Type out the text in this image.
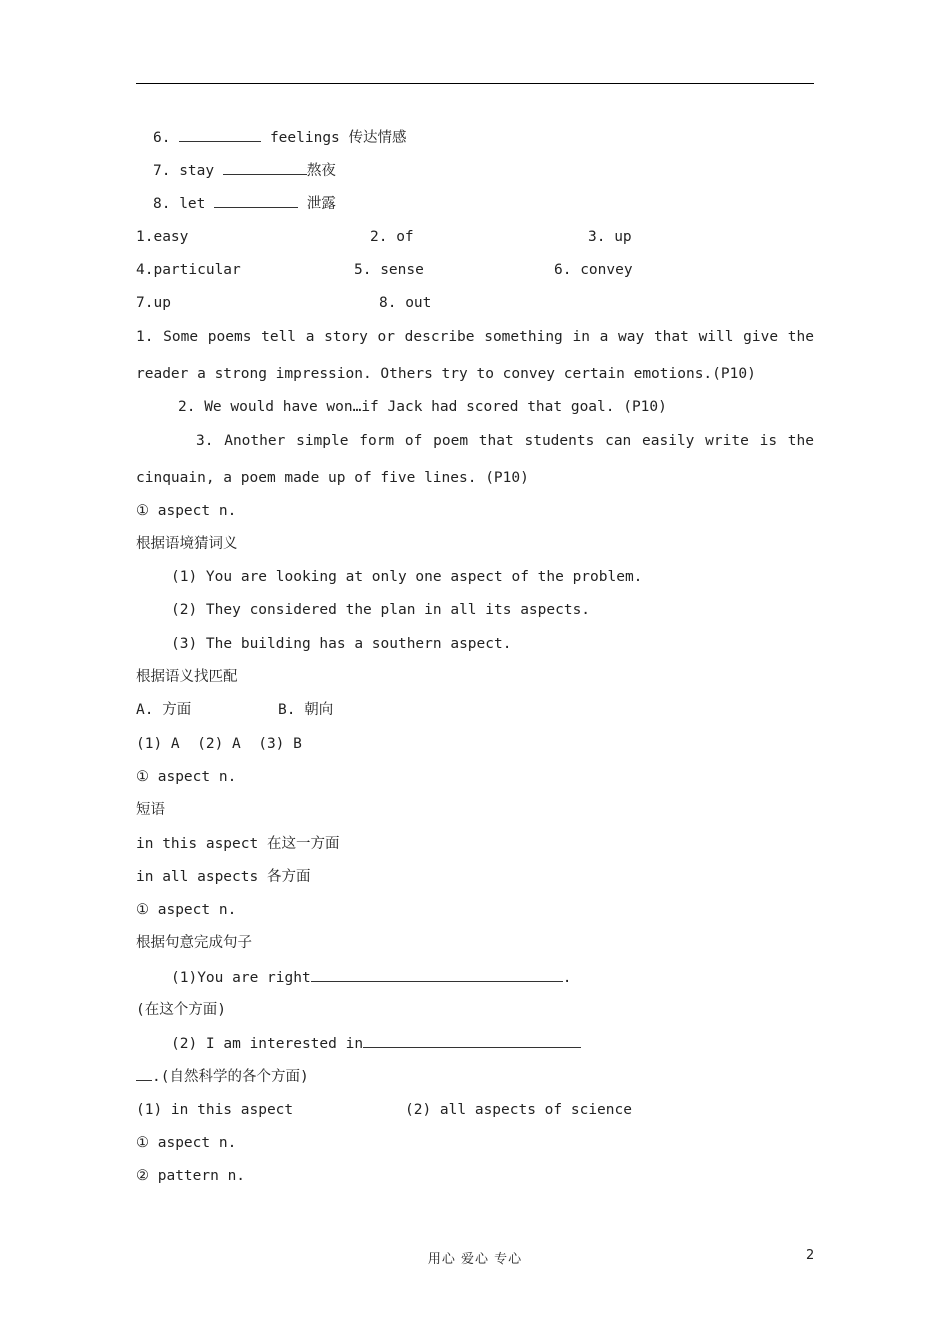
6.	feelings 传达情感
7. stay	熬夜
8. let	泄露
1.easy	2. of	3. up
4.particular	5. sense	6. convey
7.up	8. out
1. Some poems tell a story or describe something in a way that will give the
reader a strong impression. Others try to convey certain emotions.(P10)
2. We would have won…if Jack had scored that goal. (P10)
3. Another simple form of poem that students can easily write is the
cinquain, a poem made up of five lines. (P10)
① aspect n.
根据语境猜词义
(1) You are looking at only one aspect of the problem.
(2) They considered the plan in all its aspects.
(3) The building has a southern aspect.
根据语义找匹配
A. 方面	B. 朝向
(1) A  (2) A  (3) B
① aspect n.
短语
in this aspect 在这一方面
in all aspects 各方面
① aspect n.
根据句意完成句子
(1)You are right	.
(在这个方面)
(2) I am interested in
.(自然科学的各个方面)
(1) in this aspect	(2) all aspects of science
① aspect n.
② pattern n.
用心 爱心 专心	2
